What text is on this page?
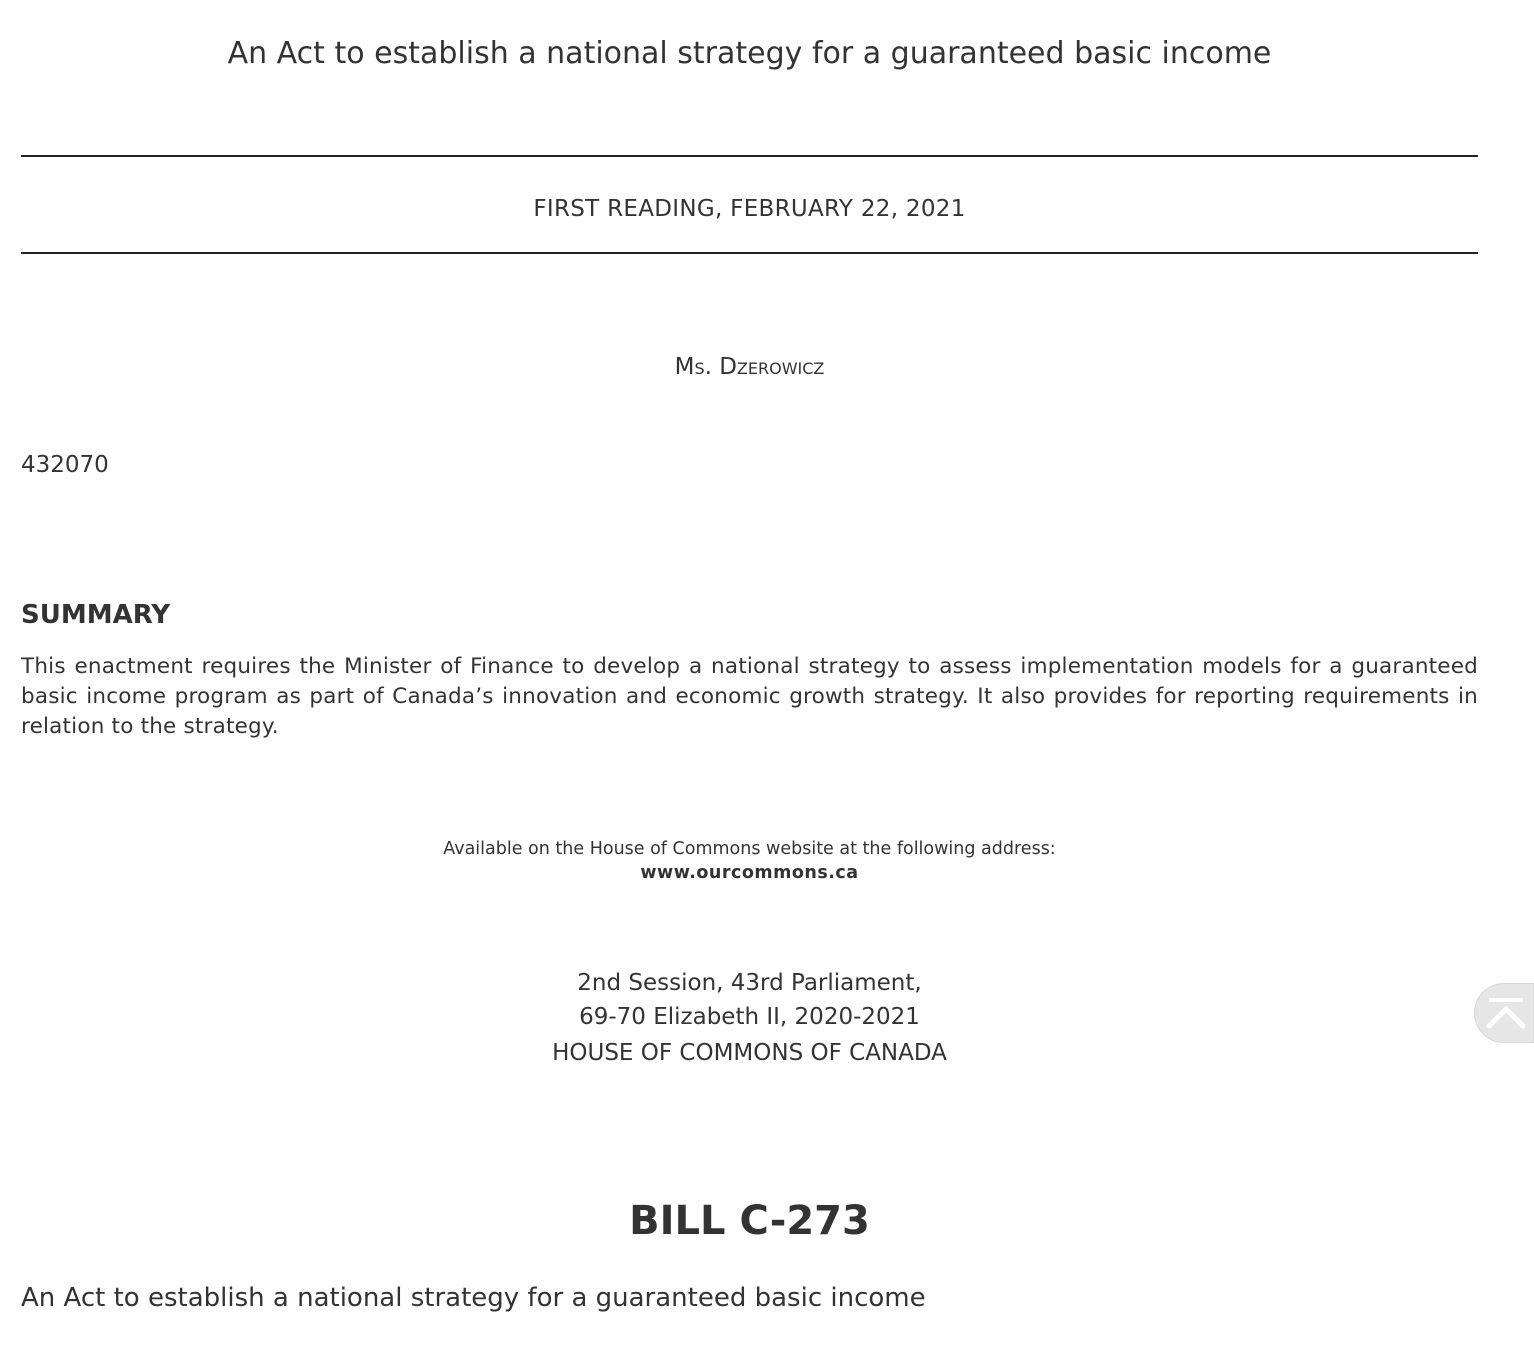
An Act to establish a national strategy for a guaranteed basic income
FIRST READING, FEBRUARY 22, 2021
Ms. Dzerowicz
432070
SUMMARY
This enactment requires the Minister of Finance to develop a national strategy to assess implementation models for a guaranteed basic income program as part of Canada’s innovation and economic growth strategy. It also provides for reporting requirements in relation to the strategy.
Available on the House of Commons website at the following address:
www.ourcommons.ca
2nd Session, 43rd Parliament,
69-70 Elizabeth II, 2020-2021
HOUSE OF COMMONS OF CANADA
BILL C-273
An Act to establish a national strategy for a guaranteed basic income
